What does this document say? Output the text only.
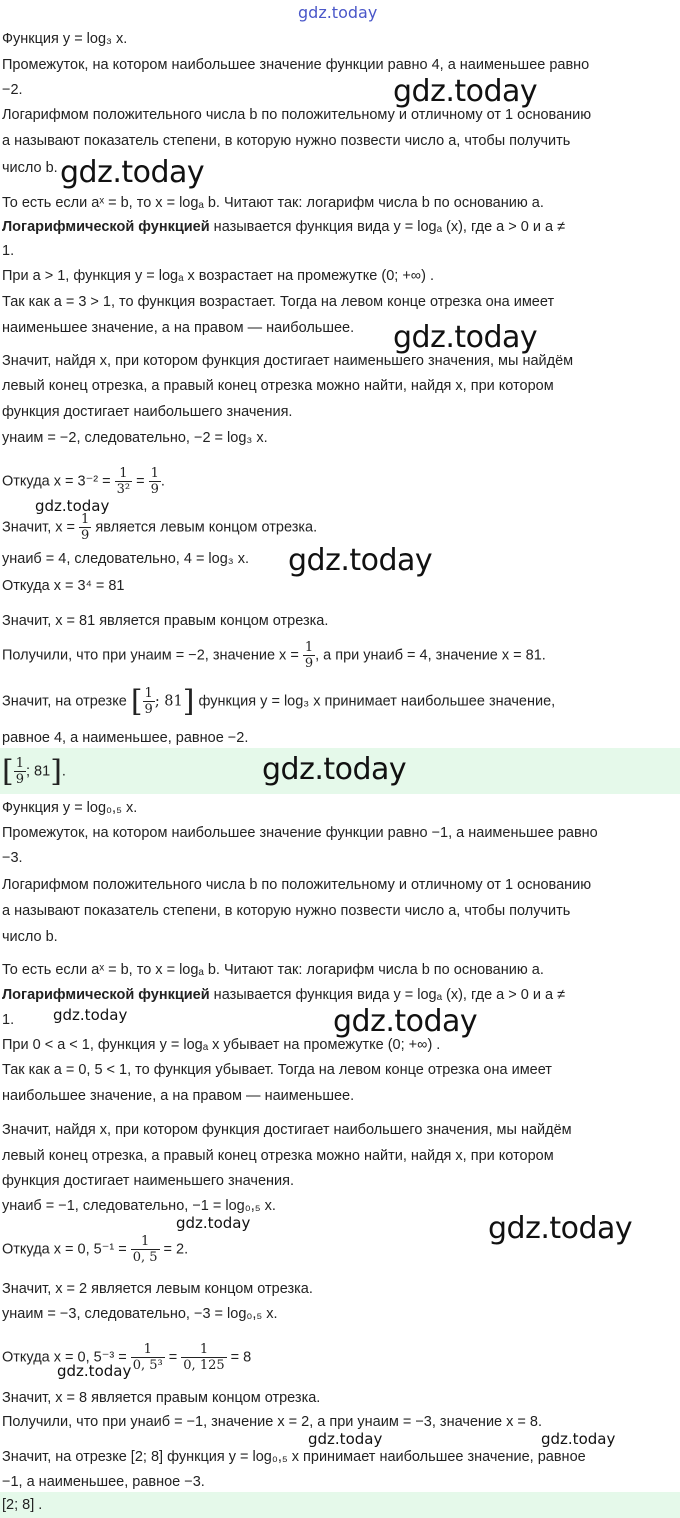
gdz.today
Функция y = log₃ x.
Промежуток, на котором наибольшее значение функции равно 4, а наименьшее равно
−2.
Логарифмом положительного числа b по положительному и отличному от 1 основанию
a называют показатель степени, в которую нужно позвести число a, чтобы получить
число b.
То есть если aˣ = b, то x = logₐ b. Читают так: логарифм числа b по основанию a.
Логарифмической функцией называется функция вида y = logₐ (x), где a > 0 и a ≠
1.
При a > 1, функция y = logₐ x возрастает на промежутке (0; +∞) .
Так как a = 3 > 1, то функция возрастает. Тогда на левом конце отрезка она имеет
наименьшее значение, а на правом — наибольшее.
Значит, найдя x, при котором функция достигает наименьшего значения, мы найдём
левый конец отрезка, а правый конец отрезка можно найти, найдя x, при котором
функция достигает наибольшего значения.
yнаим = −2, следовательно, −2 = log₃ x.
Откуда $x = 3^{-2} = \frac{1}{\text{3²}} = \frac{1}{9}$ .
Значит, $x = \frac{1}{9}$ является левым концом отрезка.
yнаиб = 4, следовательно, 4 = log₃ x.
Откуда x = 3⁴ = 81
Значит, x = 81 является правым концом отрезка.
Получили, что при yнаим = −2, значение $x = \frac{1}{9}$ , а при yнаиб = 4, значение x = 81.
Значит, на отрезке [ $\frac{1}{9}$ ; 81] функция y = log₃ x принимает наибольшее значение,
равное 4, а наименьшее, равное −2.
[ $\frac{1}{9}$ ; 81].
Функция y = log₀,₅ x.
Промежуток, на котором наибольшее значение функции равно −1, а наименьшее равно
−3.
Логарифмом положительного числа b по положительному и отличному от 1 основанию
a называют показатель степени, в которую нужно позвести число a, чтобы получить
число b.
То есть если aˣ = b, то x = logₐ b. Читают так: логарифм числа b по основанию a.
Логарифмической функцией называется функция вида y = logₐ (x), где a > 0 и a ≠
1.
При 0 < a < 1, функция y = logₐ x убывает на промежутке (0; +∞) .
Так как a = 0, 5 < 1, то функция убывает. Тогда на левом конце отрезка она имеет
наибольшее значение, а на правом — наименьшее.
Значит, найдя x, при котором функция достигает наибольшего значения, мы найдём
левый конец отрезка, а правый конец отрезка можно найти, найдя x, при котором
функция достигает наименьшего значения.
yнаиб = −1, следовательно, −1 = log₀,₅ x.
Откуда x = 0, $5^{-1} = \frac{1}{0, 5} = 2$.
Значит, x = 2 является левым концом отрезка.
yнаим = −3, следовательно, −3 = log₀,₅ x.
Откуда x = 0, $5^{-3} = \frac{1}{\text{0, 5³}} = \frac{1}{0, 125} = 8$
Значит, x = 8 является правым концом отрезка.
Получили, что при yнаиб = −1, значение x = 2, а при yнаим = −3, значение x = 8.
Значит, на отрезке [2; 8] функция y = log₀,₅ x принимает наибольшее значение, равное
−1, а наименьшее, равное −3.
[2; 8] .
gdz.today
gdz.today
gdz.today
gdz.today
gdz.today
gdz.today
gdz.today	gdz.today
gdz.today	gdz.today
gdz.today
gdz.today	gdz.today
